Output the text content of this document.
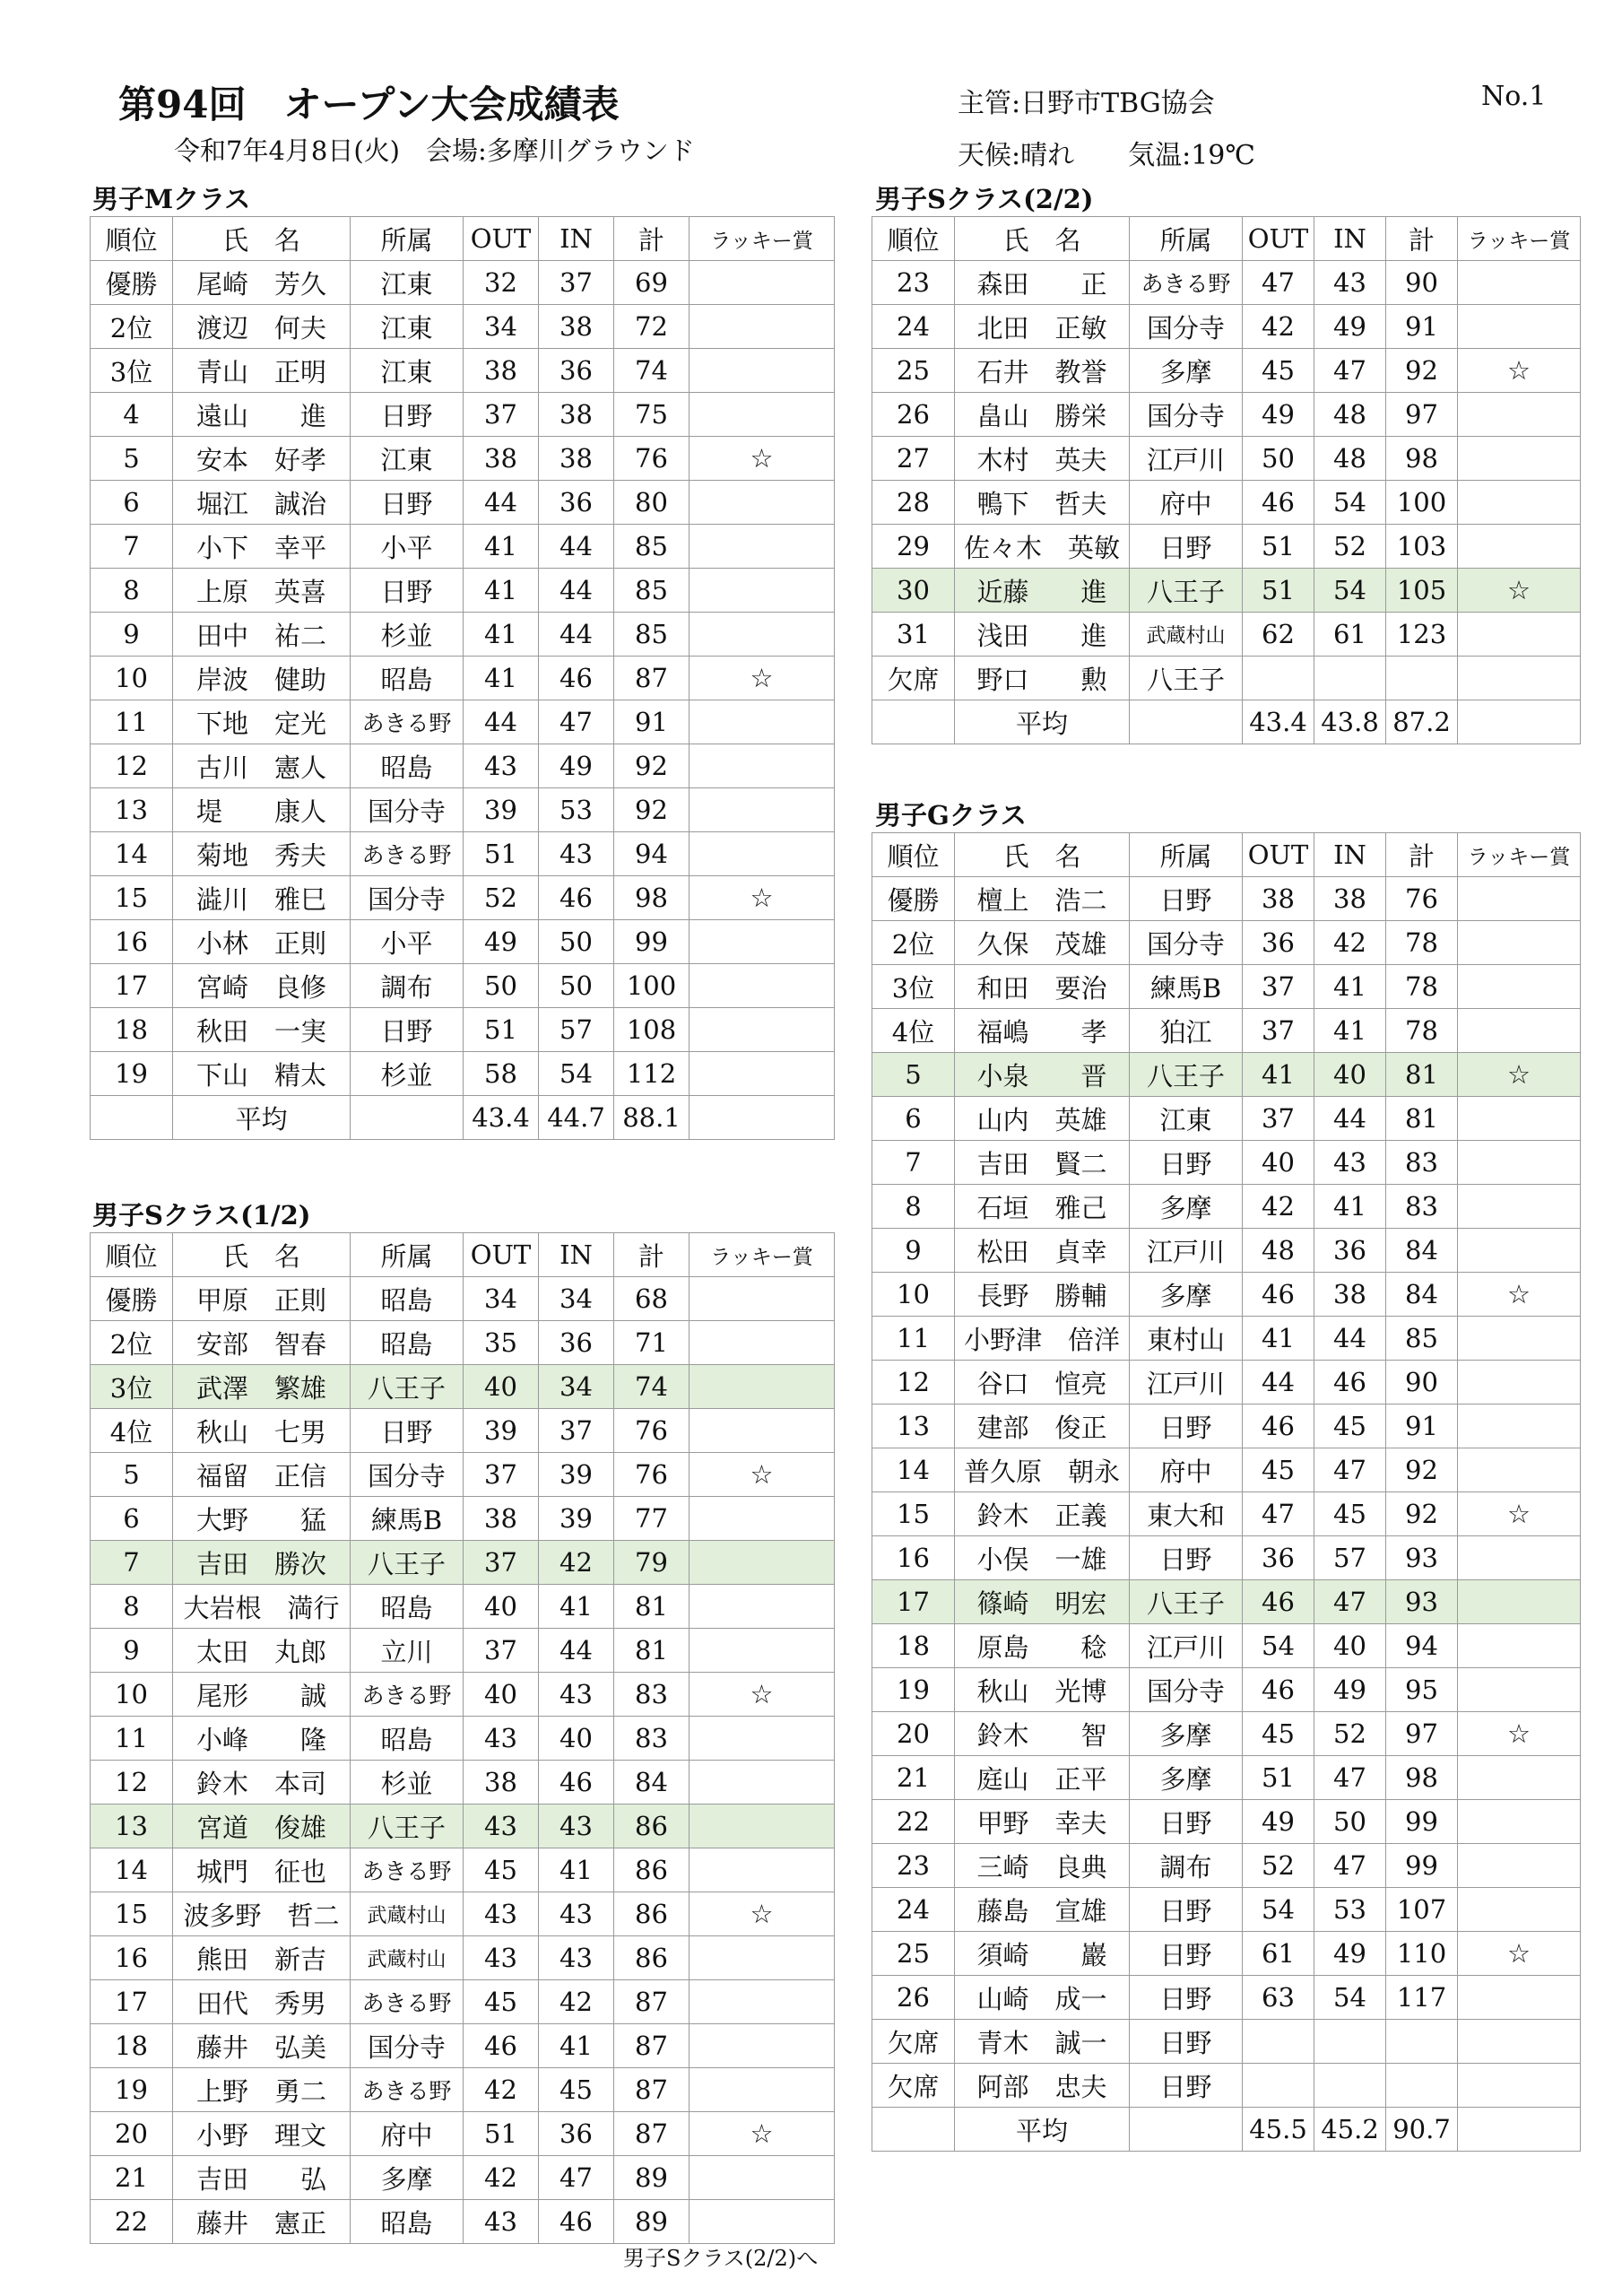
第94回　オープン大会成績表
令和7年4月8日(火)　会場:多摩川グラウンド
主管:日野市TBG協会	No.1
天候:晴れ　　気温:19℃
男子Mクラス
順位	氏　名	所属	OUT	IN	計	ラッキー賞
優勝	尾崎　芳久	江東	32	37	69	
2位	渡辺　何夫	江東	34	38	72	
3位	青山　正明	江東	38	36	74	
4	遠山　　進	日野	37	38	75	
5	安本　好孝	江東	38	38	76	☆
6	堀江　誠治	日野	44	36	80	
7	小下　幸平	小平	41	44	85	
8	上原　英喜	日野	41	44	85	
9	田中　祐二	杉並	41	44	85	
10	岸波　健助	昭島	41	46	87	☆
11	下地　定光	あきる野	44	47	91	
12	古川　憲人	昭島	43	49	92	
13	堤　　康人	国分寺	39	53	92	
14	菊地　秀夫	あきる野	51	43	94	
15	澁川　雅巳	国分寺	52	46	98	☆
16	小林　正則	小平	49	50	99	
17	宮崎　良修	調布	50	50	100	
18	秋田　一実	日野	51	57	108	
19	下山　精太	杉並	58	54	112	
	平均		43.4	44.7	88.1	
男子Sクラス(1/2)
順位	氏　名	所属	OUT	IN	計	ラッキー賞
優勝	甲原　正則	昭島	34	34	68	
2位	安部　智春	昭島	35	36	71	
3位	武澤　繁雄	八王子	40	34	74	
4位	秋山　七男	日野	39	37	76	
5	福留　正信	国分寺	37	39	76	☆
6	大野　　猛	練馬B	38	39	77	
7	吉田　勝次	八王子	37	42	79	
8	大岩根　満行	昭島	40	41	81	
9	太田　丸郎	立川	37	44	81	
10	尾形　　誠	あきる野	40	43	83	☆
11	小峰　　隆	昭島	43	40	83	
12	鈴木　本司	杉並	38	46	84	
13	宮道　俊雄	八王子	43	43	86	
14	城門　征也	あきる野	45	41	86	
15	波多野　哲二	武蔵村山	43	43	86	☆
16	熊田　新吉	武蔵村山	43	43	86	
17	田代　秀男	あきる野	45	42	87	
18	藤井　弘美	国分寺	46	41	87	
19	上野　勇二	あきる野	42	45	87	
20	小野　理文	府中	51	36	87	☆
21	吉田　　弘	多摩	42	47	89	
22	藤井　憲正	昭島	43	46	89	
男子Sクラス(2/2)へ
男子Sクラス(2/2)
順位	氏　名	所属	OUT	IN	計	ラッキー賞
23	森田　　正	あきる野	47	43	90	
24	北田　正敏	国分寺	42	49	91	
25	石井　教誉	多摩	45	47	92	☆
26	畠山　勝栄	国分寺	49	48	97	
27	木村　英夫	江戸川	50	48	98	
28	鴨下　哲夫	府中	46	54	100	
29	佐々木　英敏	日野	51	52	103	
30	近藤　　進	八王子	51	54	105	☆
31	浅田　　進	武蔵村山	62	61	123	
欠席	野口　　勲	八王子				
	平均		43.4	43.8	87.2	
男子Gクラス
順位	氏　名	所属	OUT	IN	計	ラッキー賞
優勝	檀上　浩二	日野	38	38	76	
2位	久保　茂雄	国分寺	36	42	78	
3位	和田　要治	練馬B	37	41	78	
4位	福嶋　　孝	狛江	37	41	78	
5	小泉　　晋	八王子	41	40	81	☆
6	山内　英雄	江東	37	44	81	
7	吉田　賢二	日野	40	43	83	
8	石垣　雅己	多摩	42	41	83	
9	松田　貞幸	江戸川	48	36	84	
10	長野　勝輔	多摩	46	38	84	☆
11	小野津　倍洋	東村山	41	44	85	
12	谷口　愃亮	江戸川	44	46	90	
13	建部　俊正	日野	46	45	91	
14	普久原　朝永	府中	45	47	92	
15	鈴木　正義	東大和	47	45	92	☆
16	小俣　一雄	日野	36	57	93	
17	篠崎　明宏	八王子	46	47	93	
18	原島　　稔	江戸川	54	40	94	
19	秋山　光博	国分寺	46	49	95	
20	鈴木　　智	多摩	45	52	97	☆
21	庭山　正平	多摩	51	47	98	
22	甲野　幸夫	日野	49	50	99	
23	三崎　良典	調布	52	47	99	
24	藤島　宣雄	日野	54	53	107	
25	須崎　　巖	日野	61	49	110	☆
26	山崎　成一	日野	63	54	117	
欠席	青木　誠一	日野				
欠席	阿部　忠夫	日野				
	平均		45.5	45.2	90.7	
